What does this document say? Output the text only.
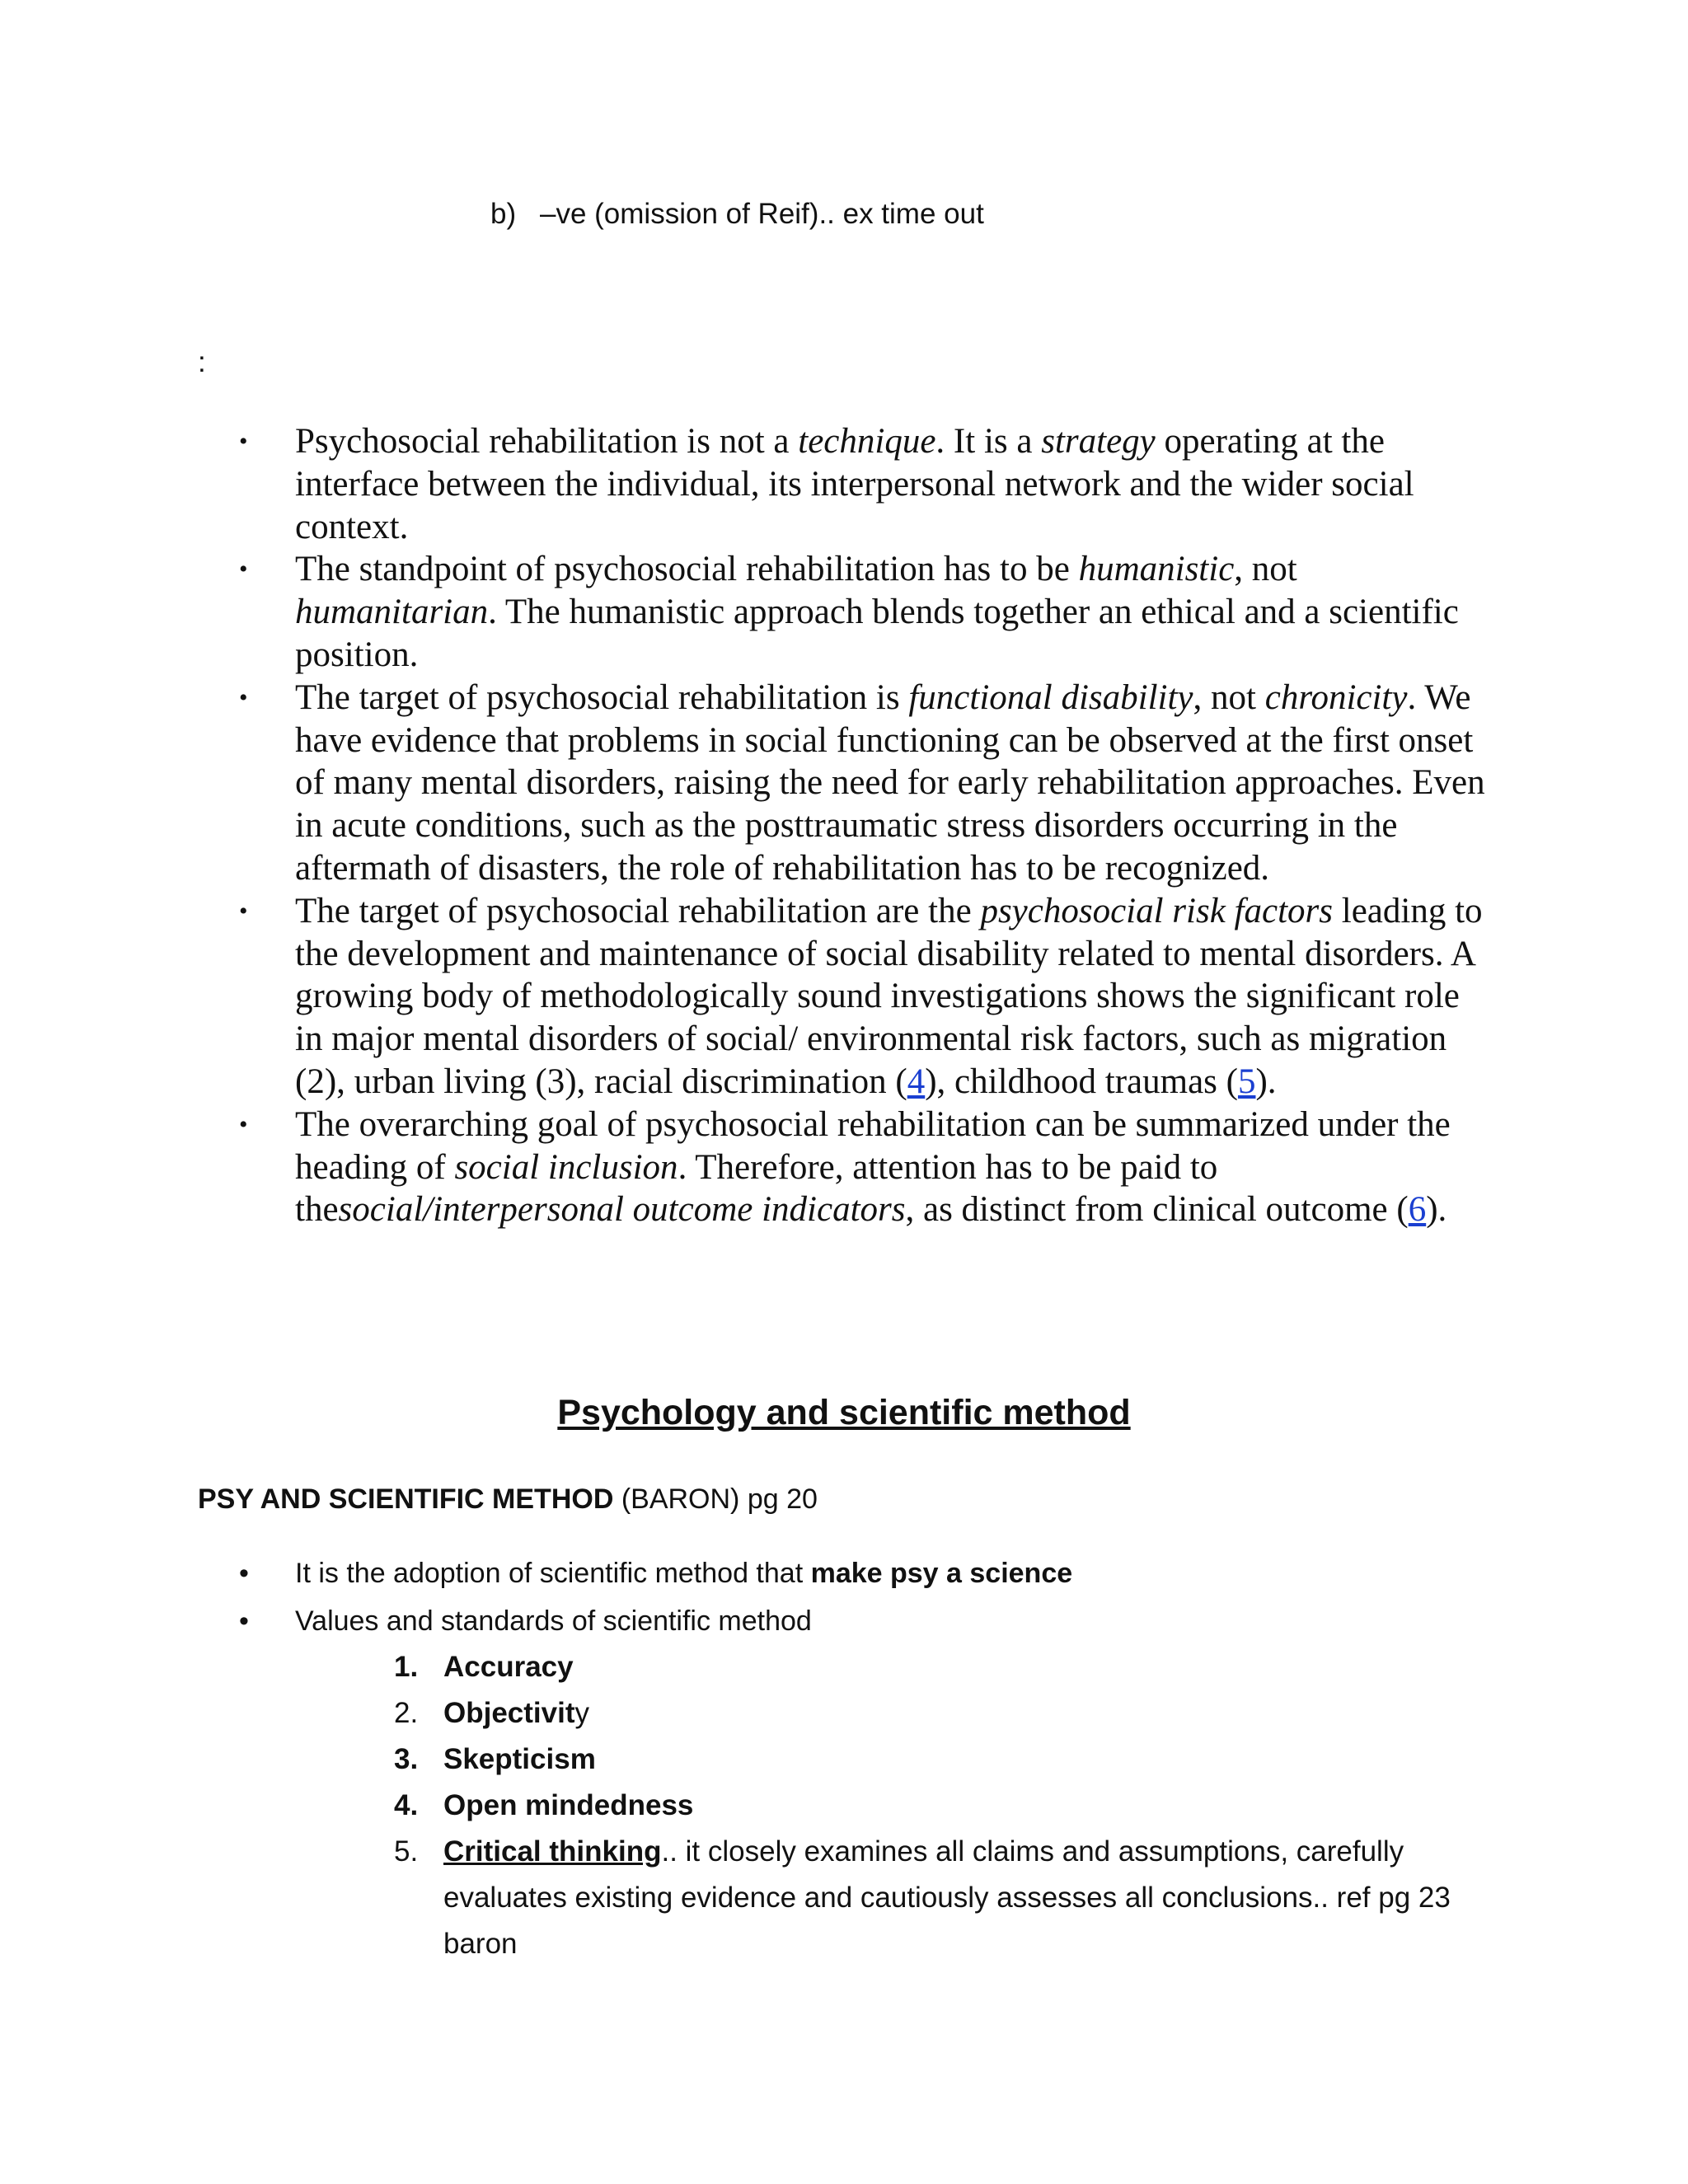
b) –ve (omission of Reif).. ex time out
:
• Psychosocial rehabilitation is not a technique. It is a strategy operating at the interface between the individual, its interpersonal network and the wider social context.
• The standpoint of psychosocial rehabilitation has to be humanistic, not humanitarian. The humanistic approach blends together an ethical and a scientific position.
• The target of psychosocial rehabilitation is functional disability, not chronicity. We have evidence that problems in social functioning can be observed at the first onset of many mental disorders, raising the need for early rehabilitation approaches. Even in acute conditions, such as the posttraumatic stress disorders occurring in the aftermath of disasters, the role of rehabilitation has to be recognized.
• The target of psychosocial rehabilitation are the psychosocial risk factors leading to the development and maintenance of social disability related to mental disorders. A growing body of methodologically sound investigations shows the significant role in major mental disorders of social/ environmental risk factors, such as migration (2), urban living (3), racial discrimination (4), childhood traumas (5).
• The overarching goal of psychosocial rehabilitation can be summarized under the heading of social inclusion. Therefore, attention has to be paid to thesocial/interpersonal outcome indicators, as distinct from clinical outcome (6).
Psychology and scientific method
PSY AND SCIENTIFIC METHOD (BARON) pg 20
• It is the adoption of scientific method that make psy a science
• Values and standards of scientific method
1. Accuracy
2. Objectivity
3. Skepticism
4. Open mindedness
5. Critical thinking.. it closely examines all claims and assumptions, carefully evaluates existing evidence and cautiously assesses all conclusions.. ref pg 23 baron
